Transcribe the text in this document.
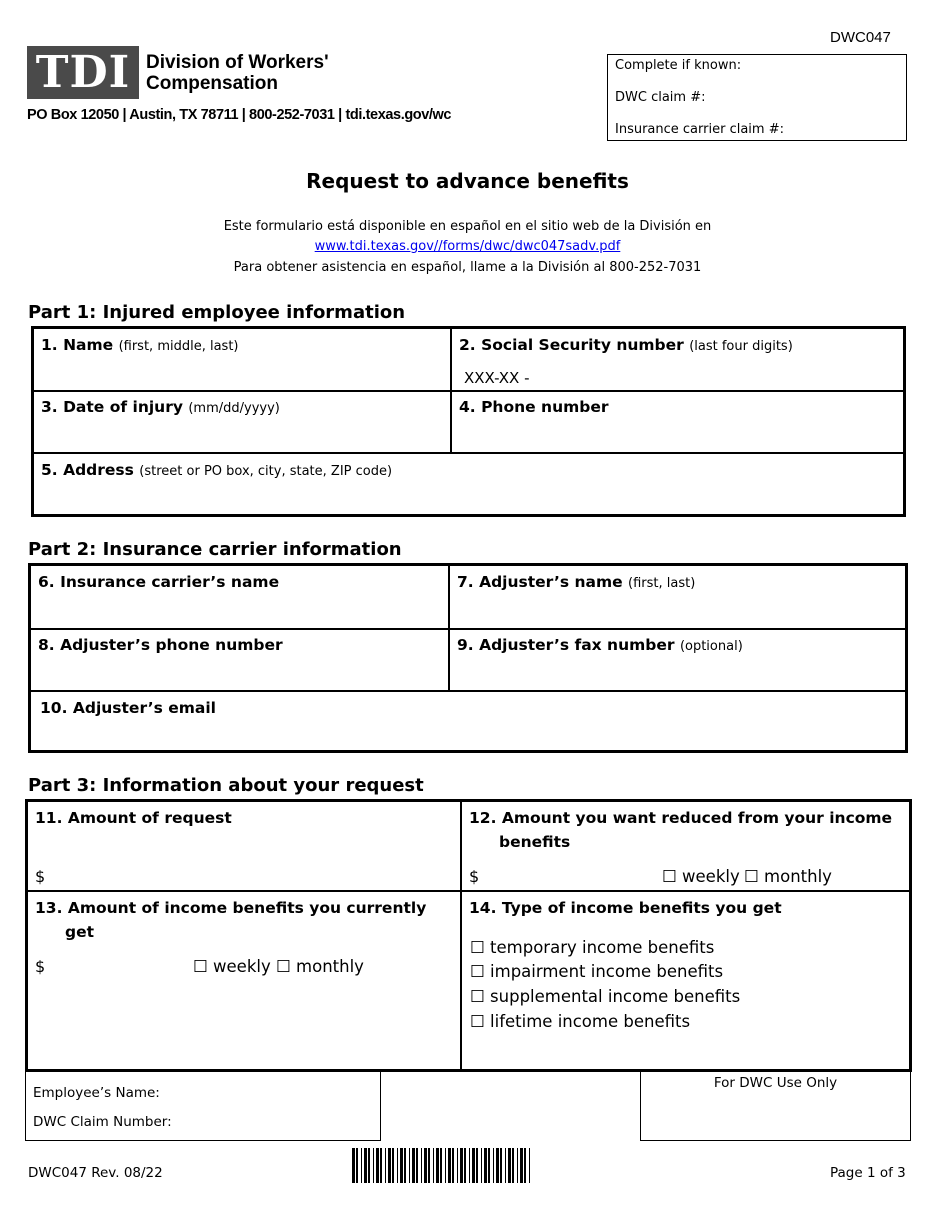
DWC047
TDI Division of Workers'
Compensation
PO Box 12050 | Austin, TX 78711 | 800-252-7031 | tdi.texas.gov/wc
Complete if known:
DWC claim #:
Insurance carrier claim #:
Request to advance benefits
Este formulario está disponible en español en el sitio web de la División en
www.tdi.texas.gov//forms/dwc/dwc047sadv.pdf
Para obtener asistencia en español, llame a la División al 800-252-7031
Part 1: Injured employee information
1. Name (first, middle, last)	2. Social Security number (last four digits)
XXX-XX -
3. Date of injury (mm/dd/yyyy)	4. Phone number
5. Address (street or PO box, city, state, ZIP code)
Part 2: Insurance carrier information
6. Insurance carrier’s name	7. Adjuster’s name (first, last)
8. Adjuster’s phone number	9. Adjuster’s fax number (optional)
10. Adjuster’s email
Part 3: Information about your request
11. Amount of request
$
12. Amount you want reduced from your income
benefits
$	☐ weekly ☐ monthly
13. Amount of income benefits you currently
get
$	☐ weekly ☐ monthly
14. Type of income benefits you get
☐ temporary income benefits
☐ impairment income benefits
☐ supplemental income benefits
☐ lifetime income benefits
Employee’s Name:
DWC Claim Number:
For DWC Use Only
DWC047 Rev. 08/22	Page 1 of 3
